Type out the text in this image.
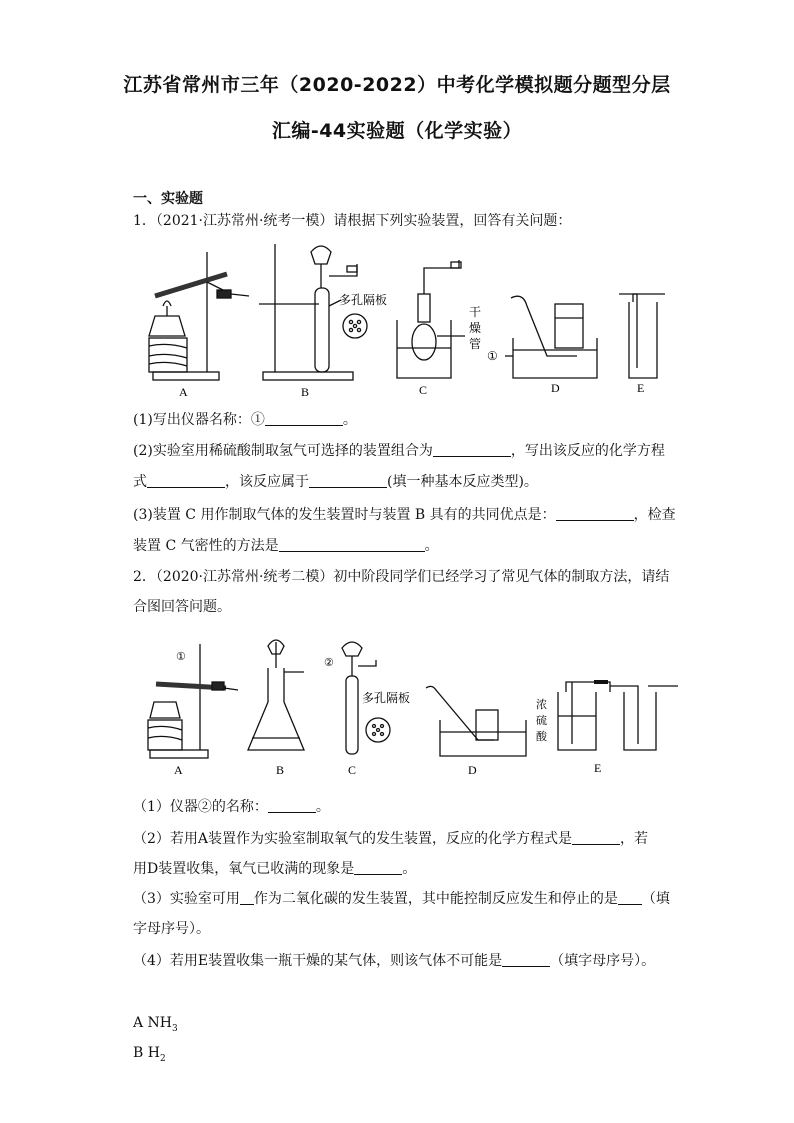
江苏省常州市三年（2020-2022）中考化学模拟题分题型分层
汇编-44实验题（化学实验）
一、实验题
1．（2021·江苏常州·统考一模）请根据下列实验装置，回答有关问题：
①
多孔隔板
干
燥
管
A	B	C	D	E
(1)写出仪器名称：①	。
(2)实验室用稀硫酸制取氢气可选择的装置组合为	，写出该反应的化学方程
式	，该反应属于	(填一种基本反应类型)。
(3)装置 C 用作制取气体的发生装置时与装置 B 具有的共同优点是：	，检查
装置 C 气密性的方法是	。
2．（2020·江苏常州·统考二模）初中阶段同学们已经学习了常见气体的制取方法，请结
合图回答问题。
①	②
多孔隔板	浓
硫
酸
A	B	C	D	E
（1）仪器②的名称：	。
（2）若用A装置作为实验室制取氧气的发生装置，反应的化学方程式是	，若
用D装置收集，氧气已收满的现象是	。
（3）实验室可用 作为二氧化碳的发生装置，其中能控制反应发生和停止的是 （填
字母序号）。
（4）若用E装置收集一瓶干燥的某气体，则该气体不可能是	（填字母序号）。
A $NH_3$
B $H_2$
